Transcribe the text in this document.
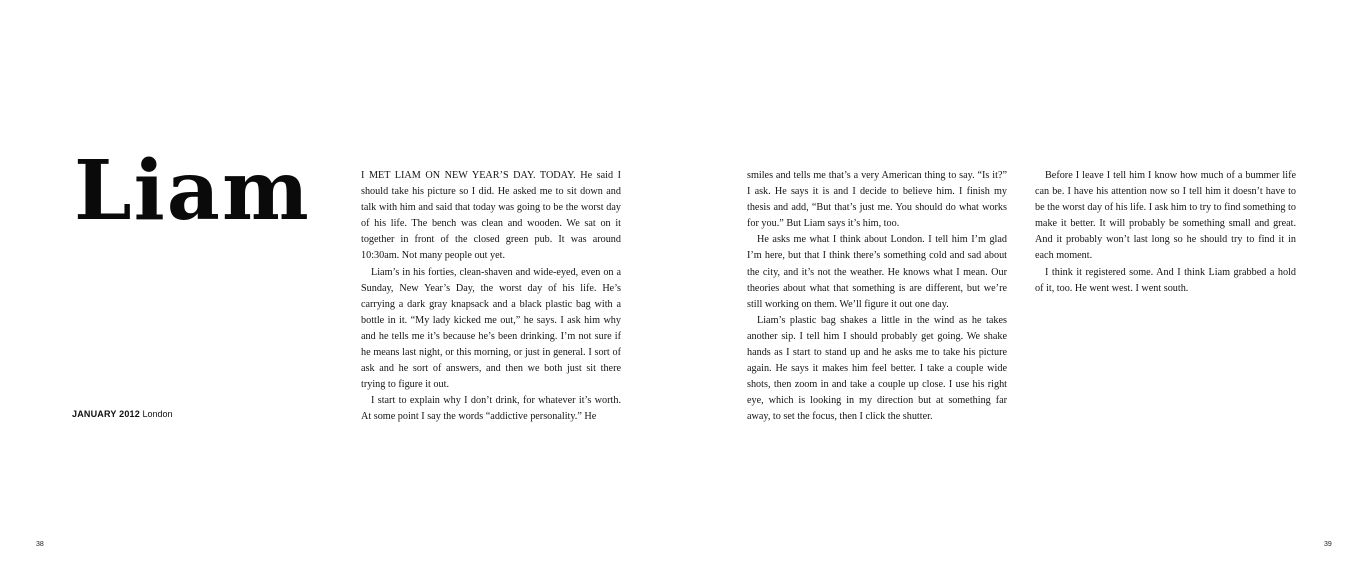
Liam
JANUARY 2012 London

I MET LIAM ON NEW YEAR’S DAY. TODAY. He said I should take his picture so I did. He asked me to sit down and talk with him and said that today was going to be the worst day of his life. The bench was clean and wooden. We sat on it together in front of the closed green pub. It was around 10:30am. Not many people out yet.

Liam’s in his forties, clean-shaven and wide-eyed, even on a Sunday, New Year’s Day, the worst day of his life. He’s carrying a dark gray knapsack and a black plastic bag with a bottle in it. “My lady kicked me out,” he says. I ask him why and he tells me it’s because he’s been drinking. I’m not sure if he means last night, or this morning, or just in general. I sort of ask and he sort of answers, and then we both just sit there trying to figure it out.

I start to explain why I don’t drink, for whatever it’s worth. At some point I say the words “addictive personality.” He

smiles and tells me that’s a very American thing to say. “Is it?” I ask. He says it is and I decide to believe him. I finish my thesis and add, “But that’s just me. You should do what works for you.” But Liam says it’s him, too.

He asks me what I think about London. I tell him I’m glad I’m here, but that I think there’s something cold and sad about the city, and it’s not the weather. He knows what I mean. Our theories about what that something is are different, but we’re still working on them. We’ll figure it out one day.

Liam’s plastic bag shakes a little in the wind as he takes another sip. I tell him I should probably get going. We shake hands as I start to stand up and he asks me to take his picture again. He says it makes him feel better. I take a couple wide shots, then zoom in and take a couple up close. I use his right eye, which is looking in my direction but at something far away, to set the focus, then I click the shutter.

Before I leave I tell him I know how much of a bummer life can be. I have his attention now so I tell him it doesn’t have to be the worst day of his life. I ask him to try to find something to make it better. It will probably be something small and great. And it probably won’t last long so he should try to find it in each moment.

I think it registered some. And I think Liam grabbed a hold of it, too. He went west. I went south.

38	39
